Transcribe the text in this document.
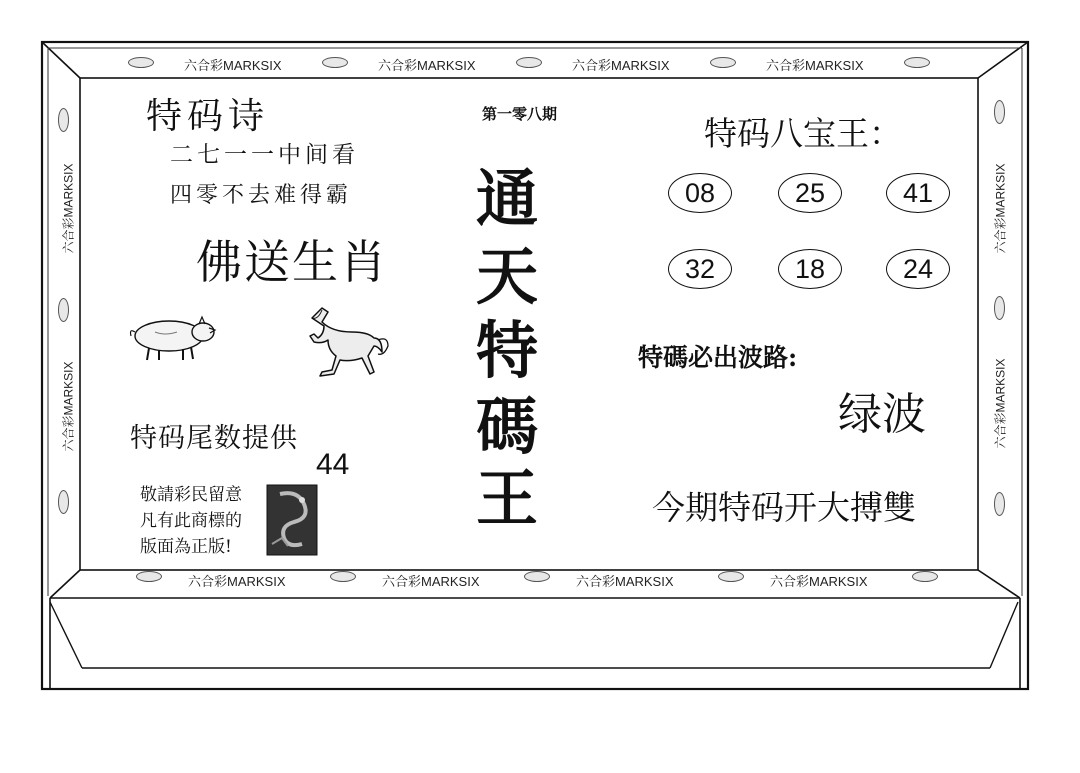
六合彩MARKSIX	六合彩MARKSIX	六合彩MARKSIX	六合彩MARKSIX
六合彩MARKSIX	六合彩MARKSIX	六合彩MARKSIX	六合彩MARKSIX
六合彩MARKSIX
六合彩MARKSIX
六合彩MARKSIX
六合彩MARKSIX
第一零八期
特码诗
二七一一中间看
四零不去难得霸
佛送生肖
特码尾数提供
44
敬請彩民留意
凡有此商標的
版面為正版!
通
天
特
碼
王
特码八宝王：
08	25	41
32	18	24
特碼必出波路:
绿波
今期特码开大搏雙
